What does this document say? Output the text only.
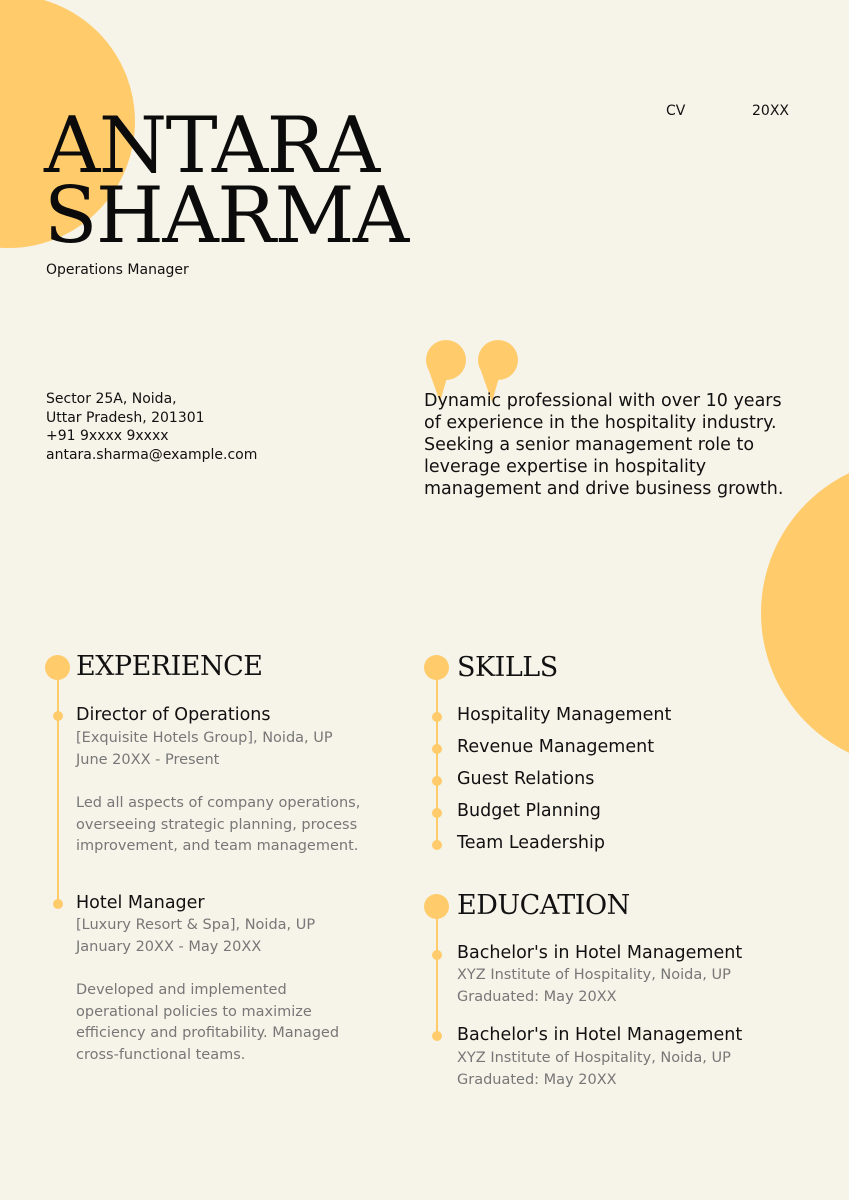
CV	20XX
ANTARA
SHARMA
Operations Manager
Sector 25A, Noida,
Uttar Pradesh, 201301
+91 9xxxx 9xxxx
antara.sharma@example.com
Dynamic professional with over 10 years of experience in the hospitality industry. Seeking a senior management role to leverage expertise in hospitality management and drive business growth.
EXPERIENCE
Director of Operations
[Exquisite Hotels Group], Noida, UP
June 20XX - Present
Led all aspects of company operations, overseeing strategic planning, process improvement, and team management.
Hotel Manager
[Luxury Resort & Spa], Noida, UP
January 20XX - May 20XX
Developed and implemented operational policies to maximize efficiency and profitability. Managed cross-functional teams.
SKILLS
Hospitality Management
Revenue Management
Guest Relations
Budget Planning
Team Leadership
EDUCATION
Bachelor's in Hotel Management
XYZ Institute of Hospitality, Noida, UP
Graduated: May 20XX
Bachelor's in Hotel Management
XYZ Institute of Hospitality, Noida, UP
Graduated: May 20XX
